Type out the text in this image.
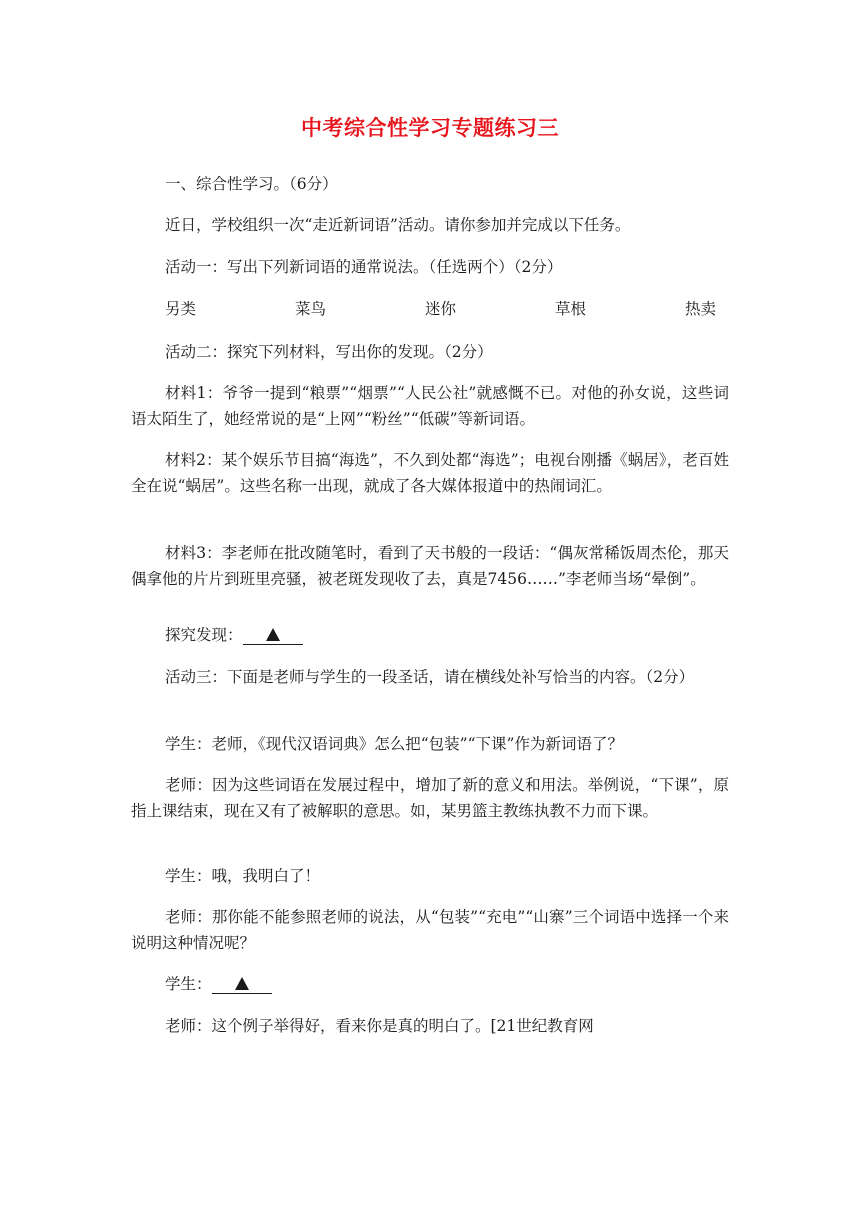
中考综合性学习专题练习三

一、综合性学习。（6分）

近日，学校组织一次“走近新词语”活动。请你参加并完成以下任务。

活动一：写出下列新词语的通常说法。（任选两个）（2分）

另类	菜鸟	迷你	草根	热卖

活动二：探究下列材料，写出你的发现。（2分）

材料1：爷爷一提到“粮票”“烟票”“人民公社”就感慨不已。对他的孙女说，这些词语太陌生了，她经常说的是“上网”“粉丝”“低碳”等新词语。

材料2：某个娱乐节目搞“海选”，不久到处都“海选”；电视台刚播《蜗居》，老百姓全在说“蜗居”。这些名称一出现，就成了各大媒体报道中的热闹词汇。

材料3：李老师在批改随笔时，看到了天书般的一段话：“偶灰常稀饭周杰伦，那天偶拿他的片片到班里亮骚，被老斑发现收了去，真是7456……”李老师当场“晕倒”。

探究发现：

活动三：下面是老师与学生的一段圣话，请在横线处补写恰当的内容。（2分）

学生：老师，《现代汉语词典》怎么把“包装”“下课”作为新词语了？

老师：因为这些词语在发展过程中，增加了新的意义和用法。举例说，“下课”，原指上课结束，现在又有了被解职的意思。如，某男篮主教练执教不力而下课。

学生：哦，我明白了！

老师：那你能不能参照老师的说法，从“包装”“充电”“山寨”三个词语中选择一个来说明这种情况呢？

学生：

老师：这个例子举得好，看来你是真的明白了。[21世纪教育网
